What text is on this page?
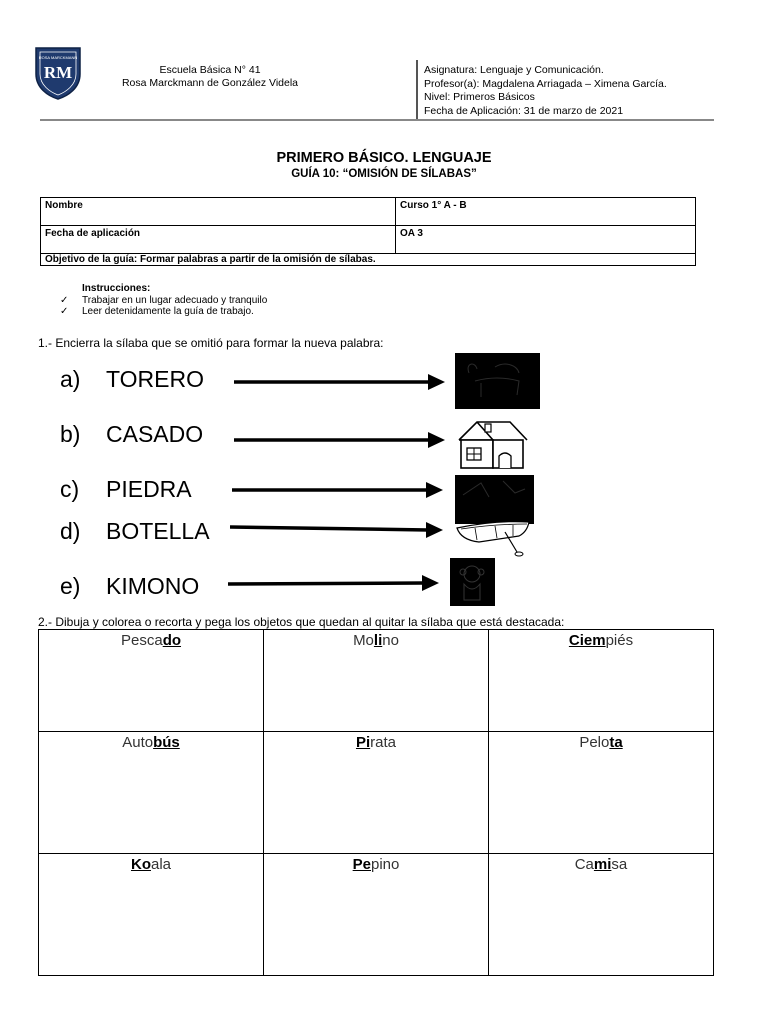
RM
ROSA MARCKMANN
Escuela Básica N° 41
Rosa Marckmann de González Videla
Asignatura: Lenguaje y Comunicación.
Profesor(a): Magdalena Arriagada – Ximena García.
Nivel: Primeros Básicos
Fecha de Aplicación: 31 de marzo de 2021
PRIMERO BÁSICO. LENGUAJE
GUÍA 10: “OMISIÓN DE SÍLABAS”
Nombre	Curso 1° A - B
Fecha de aplicación	OA 3
Objetivo de la guía: Formar palabras a partir de la omisión de sílabas.	
Instrucciones:
✓ Trabajar en un lugar adecuado y tranquilo
✓ Leer detenidamente la guía de trabajo.
1.- Encierra la sílaba que se omitió para formar la nueva palabra:
a) TORERO
b) CASADO
c) PIEDRA
d) BOTELLA
e) KIMONO
2.- Dibuja y colorea o recorta y pega los objetos que quedan al quitar la sílaba que está destacada:
Pescado	Molino	Ciempiés
Autobús	Pirata	Pelota
Koala	Pepino	Camisa
